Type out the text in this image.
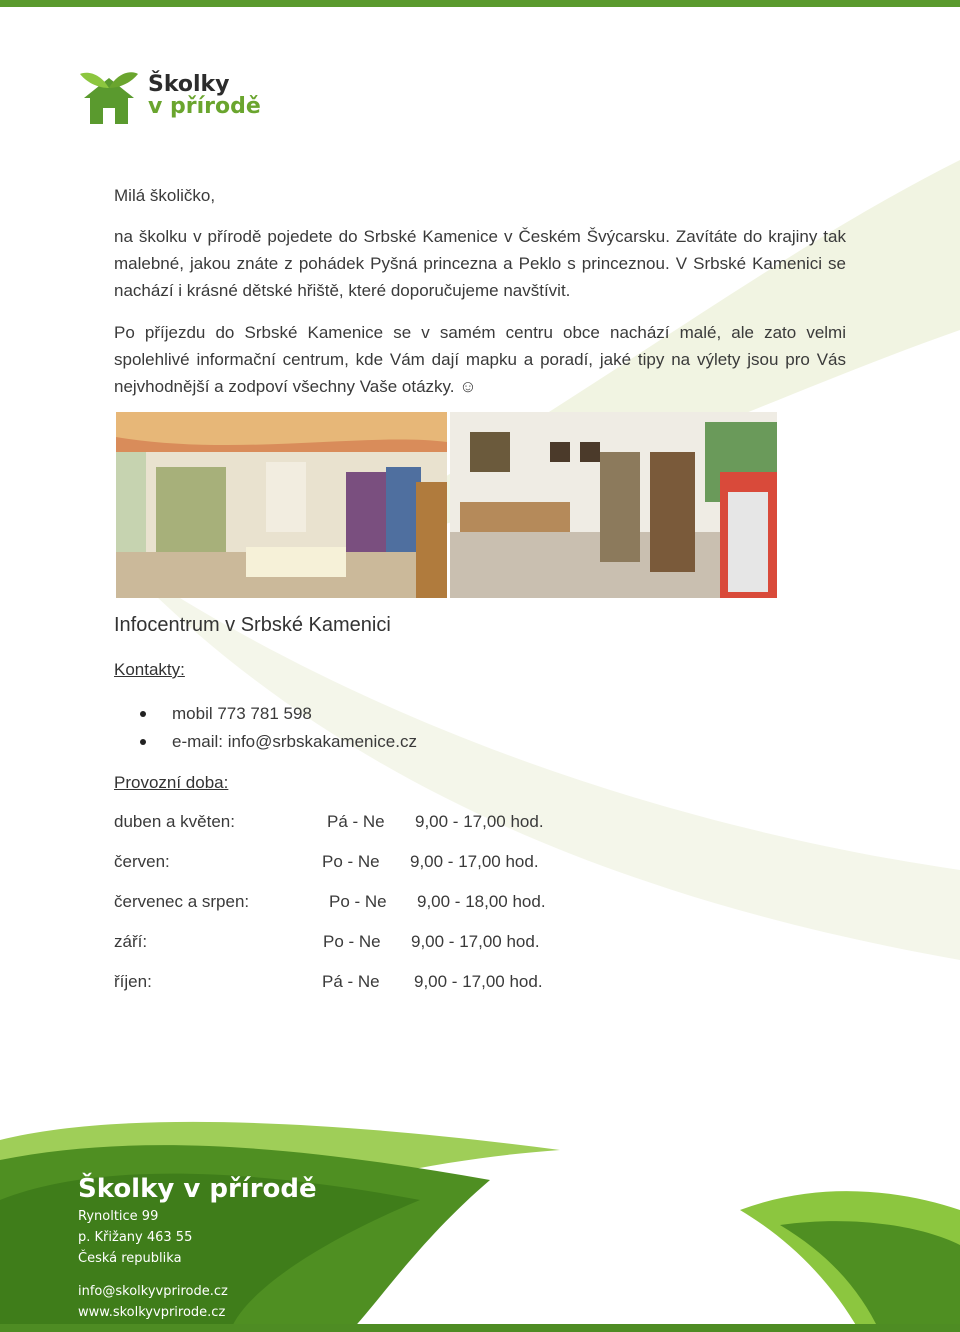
Školky
v přírodě

Milá školičko,

na školku v přírodě pojedete do Srbské Kamenice v Českém Švýcarsku. Zavítáte do krajiny tak malebné, jakou znáte z pohádek Pyšná princezna a Peklo s princeznou. V Srbské Kamenici se nachází i krásné dětské hřiště, které doporučujeme navštívit.

Po příjezdu do Srbské Kamenice se v samém centru obce nachází malé, ale zato velmi spolehlivé informační centrum, kde Vám dají mapku a poradí, jaké tipy na výlety jsou pro Vás nejvhodnější a zodpoví všechny Vaše otázky. ☺

Infocentrum v Srbské Kamenici
Kontakty:
mobil 773 781 598
e-mail: info@srbskakamenice.cz
Provozní doba:
duben a květen:	Pá - Ne 9,00 - 17,00 hod.
červen:	Po - Ne 9,00 - 17,00 hod.
červenec a srpen:	Po - Ne 9,00 - 18,00 hod.
září:	Po - Ne 9,00 - 17,00 hod.
říjen:	Pá - Ne 9,00 - 17,00 hod.
Školky v přírodě
Rynoltice 99
p. Křižany 463 55
Česká republika
info@skolkyvprirode.cz
www.skolkyvprirode.cz
